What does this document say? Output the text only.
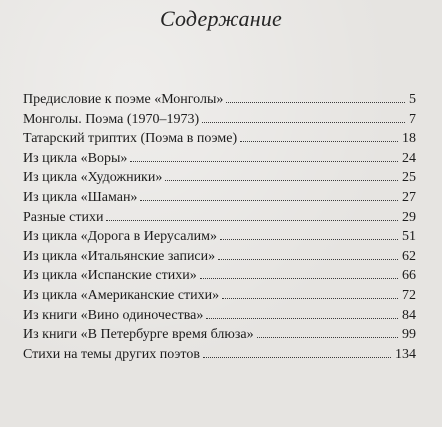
Содержание
Предисловие к поэме «Монголы»	5
Монголы. Поэма (1970–1973)	7
Татарский триптих (Поэма в поэме)	18
Из цикла «Воры»	24
Из цикла «Художники»	25
Из цикла «Шаман»	27
Разные стихи	29
Из цикла «Дорога в Иерусалим»	51
Из цикла «Итальянские записи»	62
Из цикла «Испанские стихи»	66
Из цикла «Американские стихи»	72
Из книги «Вино одиночества»	84
Из книги «В Петербурге время блюза»	99
Стихи на темы других поэтов	134
